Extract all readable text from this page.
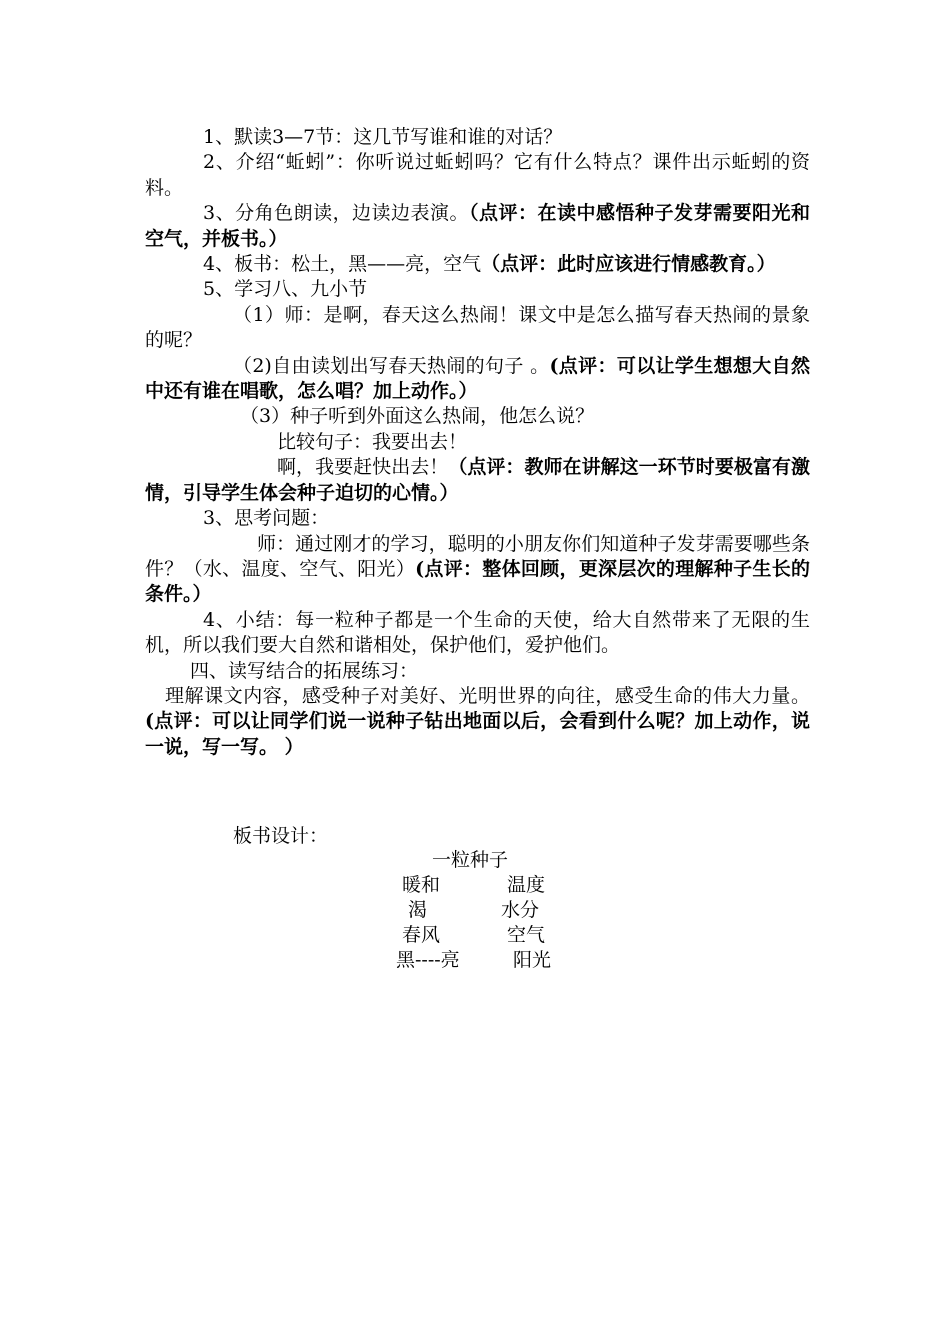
1、默读3—7节：这几节写谁和谁的对话？

2、介绍“蚯蚓”：你听说过蚯蚓吗？它有什么特点？课件出示蚯蚓的资料。

3、分角色朗读，边读边表演。（点评：在读中感悟种子发芽需要阳光和空气，并板书。）

4、板书：松土，黑——亮，空气（点评：此时应该进行情感教育。）

5、学习八、九小节

（1）师：是啊，春天这么热闹！课文中是怎么描写春天热闹的景象的呢？

（2)自由读划出写春天热闹的句子 。(点评：可以让学生想想大自然中还有谁在唱歌，怎么唱？加上动作。）

（3）种子听到外面这么热闹，他怎么说？

比较句子：我要出去！

啊，我要赶快出去！（点评：教师在讲解这一环节时要极富有激情，引导学生体会种子迫切的心情。）

3、思考问题：

师：通过刚才的学习，聪明的小朋友你们知道种子发芽需要哪些条件？（水、温度、空气、阳光）(点评：整体回顾，更深层次的理解种子生长的条件。）

4、小结：每一粒种子都是一个生命的天使，给大自然带来了无限的生机，所以我们要大自然和谐相处，保护他们，爱护他们。

四、读写结合的拓展练习：

理解课文内容，感受种子对美好、光明世界的向往，感受生命的伟大力量。(点评：可以让同学们说一说种子钻出地面以后，会看到什么呢？加上动作，说一说，写一写。 ）

板书设计：
一粒种子
暖和	温度
渴	水分
春风	空气
黑----亮	阳光
